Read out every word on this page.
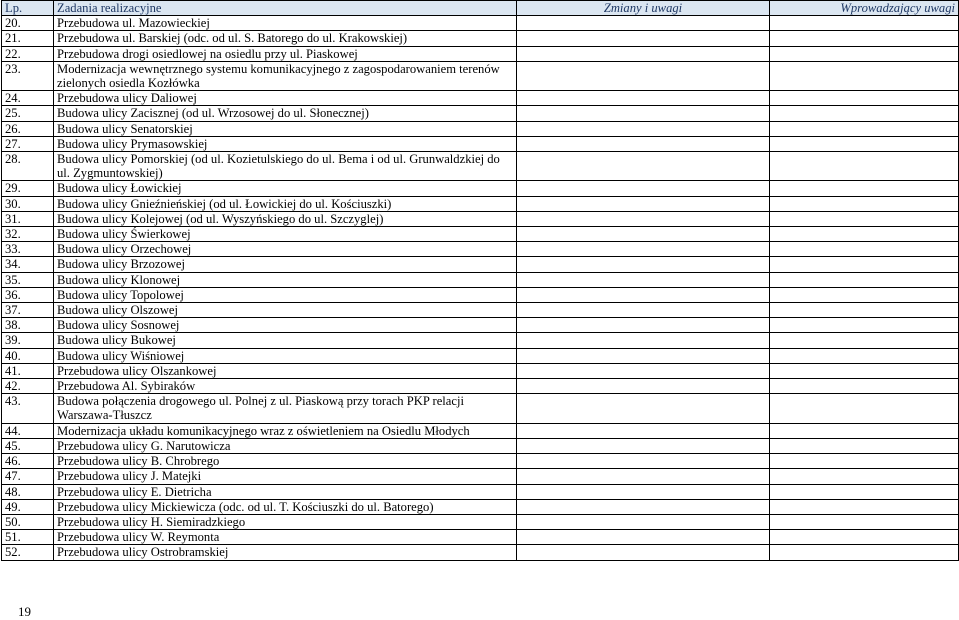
Lp.	Zadania realizacyjne	Zmiany i uwagi	Wprowadzający uwagi
20.	Przebudowa ul. Mazowieckiej		
21.	Przebudowa ul. Barskiej (odc. od ul. S. Batorego do ul. Krakowskiej)		
22.	Przebudowa drogi osiedlowej na osiedlu przy ul. Piaskowej		
23.	Modernizacja wewnętrznego systemu komunikacyjnego z zagospodarowaniem terenów zielonych osiedla Kozłówka		
24.	Przebudowa ulicy Daliowej		
25.	Budowa ulicy Zacisznej (od ul. Wrzosowej do ul. Słonecznej)		
26.	Budowa ulicy Senatorskiej		
27.	Budowa ulicy Prymasowskiej		
28.	Budowa ulicy Pomorskiej (od ul. Kozietulskiego do ul. Bema i od ul. Grunwaldzkiej do ul. Zygmuntowskiej)		
29.	Budowa ulicy Łowickiej		
30.	Budowa ulicy Gnieźnieńskiej (od ul. Łowickiej do ul. Kościuszki)		
31.	Budowa ulicy Kolejowej (od ul. Wyszyńskiego do ul. Szczyglej)		
32.	Budowa ulicy Świerkowej		
33.	Budowa ulicy Orzechowej		
34.	Budowa ulicy Brzozowej		
35.	Budowa ulicy Klonowej		
36.	Budowa ulicy Topolowej		
37.	Budowa ulicy Olszowej		
38.	Budowa ulicy Sosnowej		
39.	Budowa ulicy Bukowej		
40.	Budowa ulicy Wiśniowej		
41.	Przebudowa ulicy Olszankowej		
42.	Przebudowa Al. Sybiraków		
43.	Budowa połączenia drogowego ul. Polnej z ul. Piaskową przy torach PKP relacji Warszawa-Tłuszcz		
44.	Modernizacja układu komunikacyjnego wraz z oświetleniem na Osiedlu Młodych		
45.	Przebudowa ulicy G. Narutowicza		
46.	Przebudowa ulicy B. Chrobrego		
47.	Przebudowa ulicy J. Matejki		
48.	Przebudowa ulicy E. Dietricha		
49.	Przebudowa ulicy Mickiewicza (odc. od ul. T. Kościuszki do ul. Batorego)		
50.	Przebudowa ulicy H. Siemiradzkiego		
51.	Przebudowa ulicy W. Reymonta		
52.	Przebudowa ulicy Ostrobramskiej		
19
